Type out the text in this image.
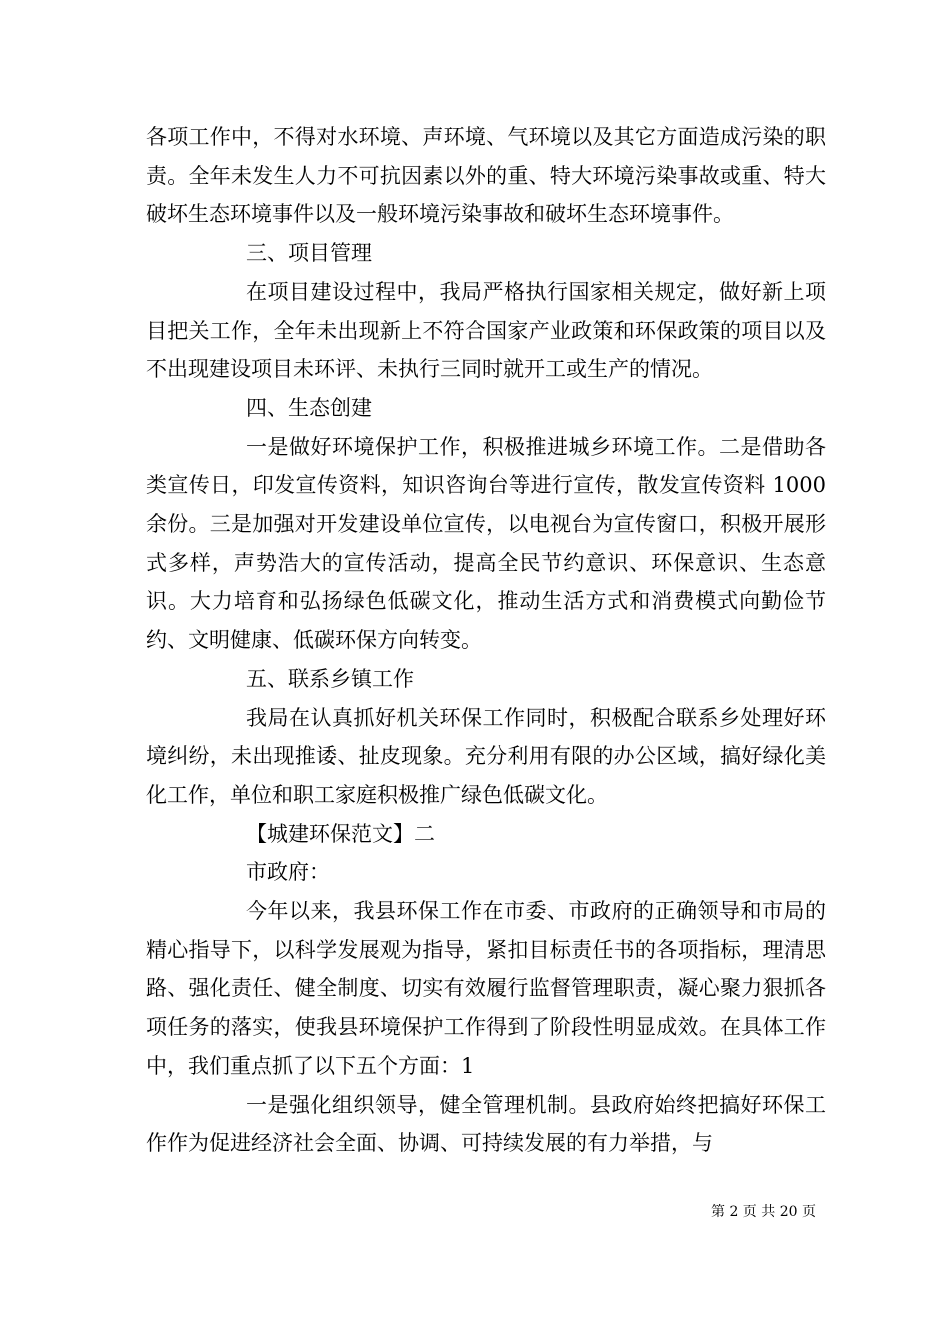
各项工作中，不得对水环境、声环境、气环境以及其它方面造成污染的职责。全年未发生人力不可抗因素以外的重、特大环境污染事故或重、特大破坏生态环境事件以及一般环境污染事故和破坏生态环境事件。

三、项目管理

在项目建设过程中，我局严格执行国家相关规定，做好新上项目把关工作，全年未出现新上不符合国家产业政策和环保政策的项目以及不出现建设项目未环评、未执行三同时就开工或生产的情况。

四、生态创建

一是做好环境保护工作，积极推进城乡环境工作。二是借助各类宣传日，印发宣传资料，知识咨询台等进行宣传，散发宣传资料 1000 余份。三是加强对开发建设单位宣传，以电视台为宣传窗口，积极开展形式多样，声势浩大的宣传活动，提高全民节约意识、环保意识、生态意识。大力培育和弘扬绿色低碳文化，推动生活方式和消费模式向勤俭节约、文明健康、低碳环保方向转变。

五、联系乡镇工作

我局在认真抓好机关环保工作同时，积极配合联系乡处理好环境纠纷，未出现推诿、扯皮现象。充分利用有限的办公区域，搞好绿化美化工作，单位和职工家庭积极推广绿色低碳文化。

【城建环保范文】二

市政府：

今年以来，我县环保工作在市委、市政府的正确领导和市局的精心指导下，以科学发展观为指导，紧扣目标责任书的各项指标，理清思路、强化责任、健全制度、切实有效履行监督管理职责，凝心聚力狠抓各项任务的落实，使我县环境保护工作得到了阶段性明显成效。在具体工作中，我们重点抓了以下五个方面：1

一是强化组织领导，健全管理机制。县政府始终把搞好环保工作作为促进经济社会全面、协调、可持续发展的有力举措，与

第 2 页 共 20 页
